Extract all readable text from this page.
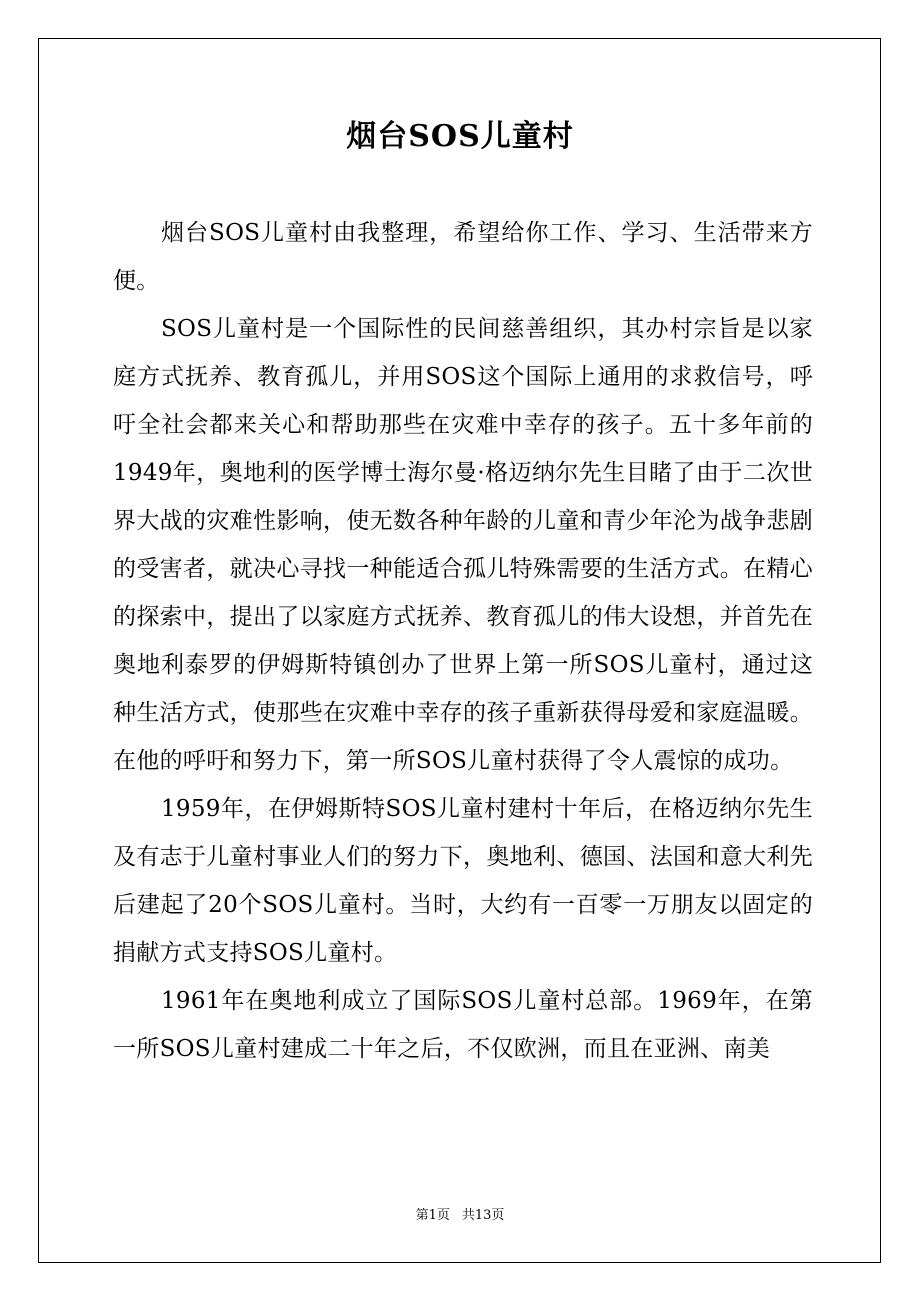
烟台SOS儿童村

烟台SOS儿童村由我整理，希望给你工作、学习、生活带来方便。

SOS儿童村是一个国际性的民间慈善组织，其办村宗旨是以家庭方式抚养、教育孤儿，并用SOS这个国际上通用的求救信号，呼吁全社会都来关心和帮助那些在灾难中幸存的孩子。五十多年前的1949年，奥地利的医学博士海尔曼·格迈纳尔先生目睹了由于二次世界大战的灾难性影响，使无数各种年龄的儿童和青少年沦为战争悲剧的受害者，就决心寻找一种能适合孤儿特殊需要的生活方式。在精心的探索中，提出了以家庭方式抚养、教育孤儿的伟大设想，并首先在奥地利泰罗的伊姆斯特镇创办了世界上第一所SOS儿童村，通过这种生活方式，使那些在灾难中幸存的孩子重新获得母爱和家庭温暖。在他的呼吁和努力下，第一所SOS儿童村获得了令人震惊的成功。

1959年，在伊姆斯特SOS儿童村建村十年后，在格迈纳尔先生及有志于儿童村事业人们的努力下，奥地利、德国、法国和意大利先后建起了20个SOS儿童村。当时，大约有一百零一万朋友以固定的捐献方式支持SOS儿童村。

1961年在奥地利成立了国际SOS儿童村总部。1969年，在第一所SOS儿童村建成二十年之后，不仅欧洲，而且在亚洲、南美

第1页 共13页
